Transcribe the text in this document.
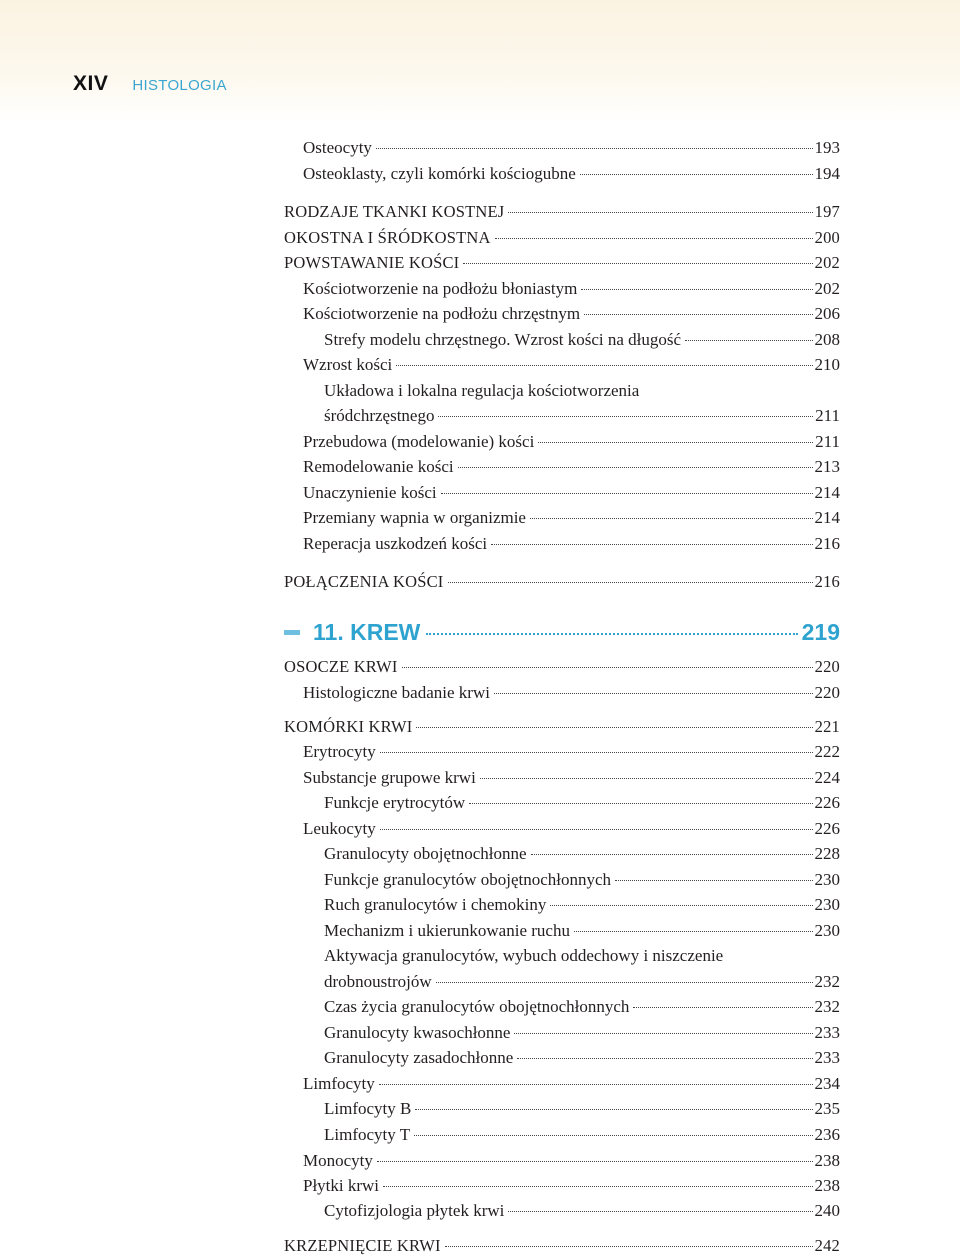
XIV HISTOLOGIA
Osteocyty	193
Osteoklasty, czyli komórki kościogubne	194
RODZAJE TKANKI KOSTNEJ	197
OKOSTNA I ŚRÓDKOSTNA	200
POWSTAWANIE KOŚCI	202
Kościotworzenie na podłożu błoniastym	202
Kościotworzenie na podłożu chrzęstnym	206
Strefy modelu chrzęstnego. Wzrost kości na długość	208
Wzrost kości	210
Układowa i lokalna regulacja kościotworzenia
śródchrzęstnego	211
Przebudowa (modelowanie) kości	211
Remodelowanie kości	213
Unaczynienie kości	214
Przemiany wapnia w organizmie	214
Reperacja uszkodzeń kości	216
POŁĄCZENIA KOŚCI	216
11. KREW	219
OSOCZE KRWI	220
Histologiczne badanie krwi	220
KOMÓRKI KRWI	221
Erytrocyty	222
Substancje grupowe krwi	224
Funkcje erytrocytów	226
Leukocyty	226
Granulocyty obojętnochłonne	228
Funkcje granulocytów obojętnochłonnych	230
Ruch granulocytów i chemokiny	230
Mechanizm i ukierunkowanie ruchu	230
Aktywacja granulocytów, wybuch oddechowy i niszczenie
drobnoustrojów	232
Czas życia granulocytów obojętnochłonnych	232
Granulocyty kwasochłonne	233
Granulocyty zasadochłonne	233
Limfocyty	234
Limfocyty B	235
Limfocyty T	236
Monocyty	238
Płytki krwi	238
Cytofizjologia płytek krwi	240
KRZEPNIĘCIE KRWI	242
